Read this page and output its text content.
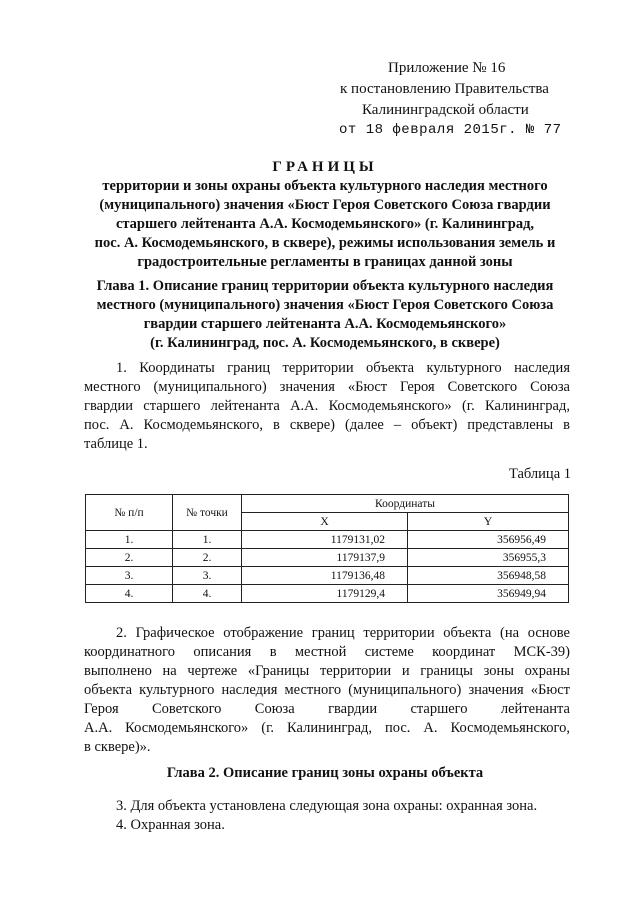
Приложение № 16
к постановлению Правительства
Калининградской области
от 18 февраля 2015г. № 77
ГРАНИЦЫ
территории и зоны охраны объекта культурного наследия местного
(муниципального) значения «Бюст Героя Советского Союза гвардии
старшего лейтенанта А.А. Космодемьянского» (г. Калининград,
пос. А. Космодемьянского, в сквере), режимы использования земель и
градостроительные регламенты в границах данной зоны
Глава 1. Описание границ территории объекта культурного наследия
местного (муниципального) значения «Бюст Героя Советского Союза
гвардии старшего лейтенанта А.А. Космодемьянского»
(г. Калининград, пос. А. Космодемьянского, в сквере)
1. Координаты границ территории объекта культурного наследия
местного (муниципального) значения «Бюст Героя Советского Союза
гвардии старшего лейтенанта А.А. Космодемьянского» (г. Калининград,
пос. А. Космодемьянского, в сквере) (далее – объект) представлены в
таблице 1.
Таблица 1
№ п/п	№ точки	Координаты	
		X	Y
1.	1.	1179131,02	356956,49
2.	2.	1179137,9	356955,3
3.	3.	1179136,48	356948,58
4.	4.	1179129,4	356949,94
2. Графическое отображение границ территории объекта (на основе
координатного описания в местной системе координат МСК-39)
выполнено на чертеже «Границы территории и границы зоны охраны
объекта культурного наследия местного (муниципального) значения «Бюст
Героя Советского Союза гвардии старшего лейтенанта
А.А. Космодемьянского» (г. Калининград, пос. А. Космодемьянского,
в сквере)».
Глава 2. Описание границ зоны охраны объекта
3. Для объекта установлена следующая зона охраны: охранная зона.
4. Охранная зона.
